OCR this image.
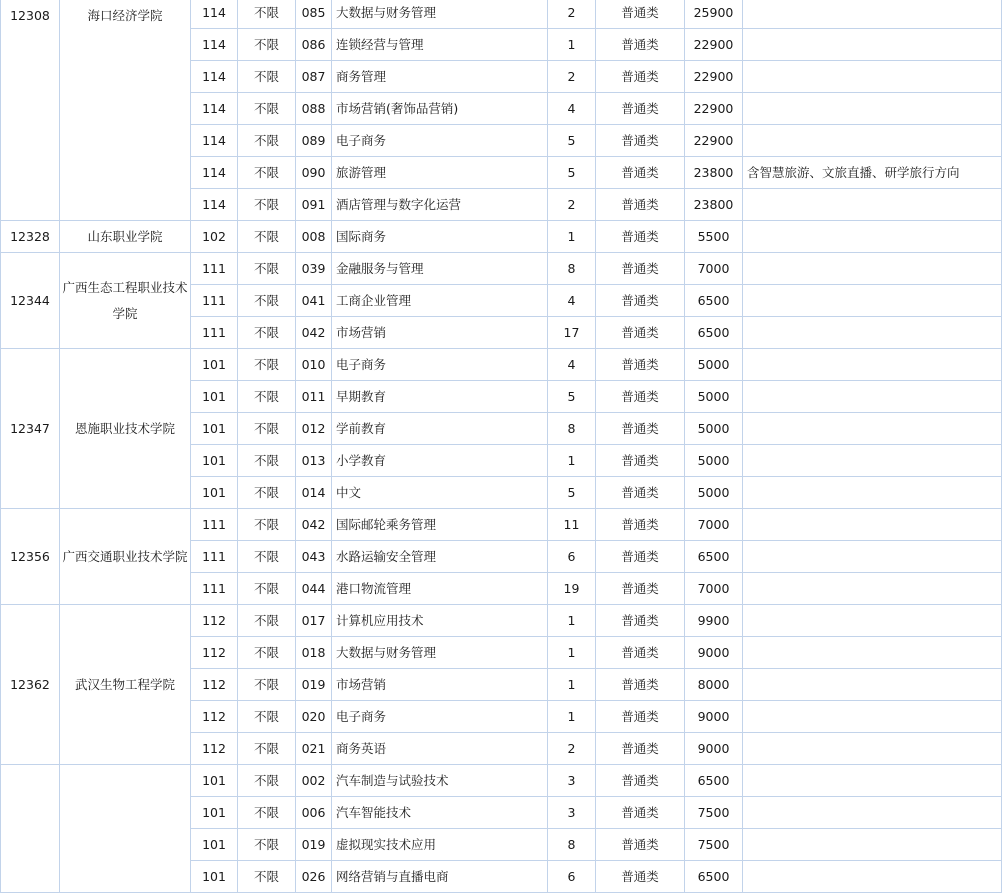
12308	海口经济学院	114	不限	085	大数据与财务管理	2	普通类	25900	
		114	不限	086	连锁经营与管理	1	普通类	22900	
		114	不限	087	商务管理	2	普通类	22900	
		114	不限	088	市场营销(奢饰品营销)	4	普通类	22900	
		114	不限	089	电子商务	5	普通类	22900	
		114	不限	090	旅游管理	5	普通类	23800	含智慧旅游、文旅直播、研学旅行方向
		114	不限	091	酒店管理与数字化运营	2	普通类	23800	
12328	山东职业学院	102	不限	008	国际商务	1	普通类	5500	
12344	广西生态工程职业技术学院	111	不限	039	金融服务与管理	8	普通类	7000	
		111	不限	041	工商企业管理	4	普通类	6500	
		111	不限	042	市场营销	17	普通类	6500	
12347	恩施职业技术学院	101	不限	010	电子商务	4	普通类	5000	
		101	不限	011	早期教育	5	普通类	5000	
		101	不限	012	学前教育	8	普通类	5000	
		101	不限	013	小学教育	1	普通类	5000	
		101	不限	014	中文	5	普通类	5000	
12356	广西交通职业技术学院	111	不限	042	国际邮轮乘务管理	11	普通类	7000	
		111	不限	043	水路运输安全管理	6	普通类	6500	
		111	不限	044	港口物流管理	19	普通类	7000	
12362	武汉生物工程学院	112	不限	017	计算机应用技术	1	普通类	9900	
		112	不限	018	大数据与财务管理	1	普通类	9000	
		112	不限	019	市场营销	1	普通类	8000	
		112	不限	020	电子商务	1	普通类	9000	
		112	不限	021	商务英语	2	普通类	9000	
		101	不限	002	汽车制造与试验技术	3	普通类	6500	
		101	不限	006	汽车智能技术	3	普通类	7500	
		101	不限	019	虚拟现实技术应用	8	普通类	7500	
		101	不限	026	网络营销与直播电商	6	普通类	6500	
